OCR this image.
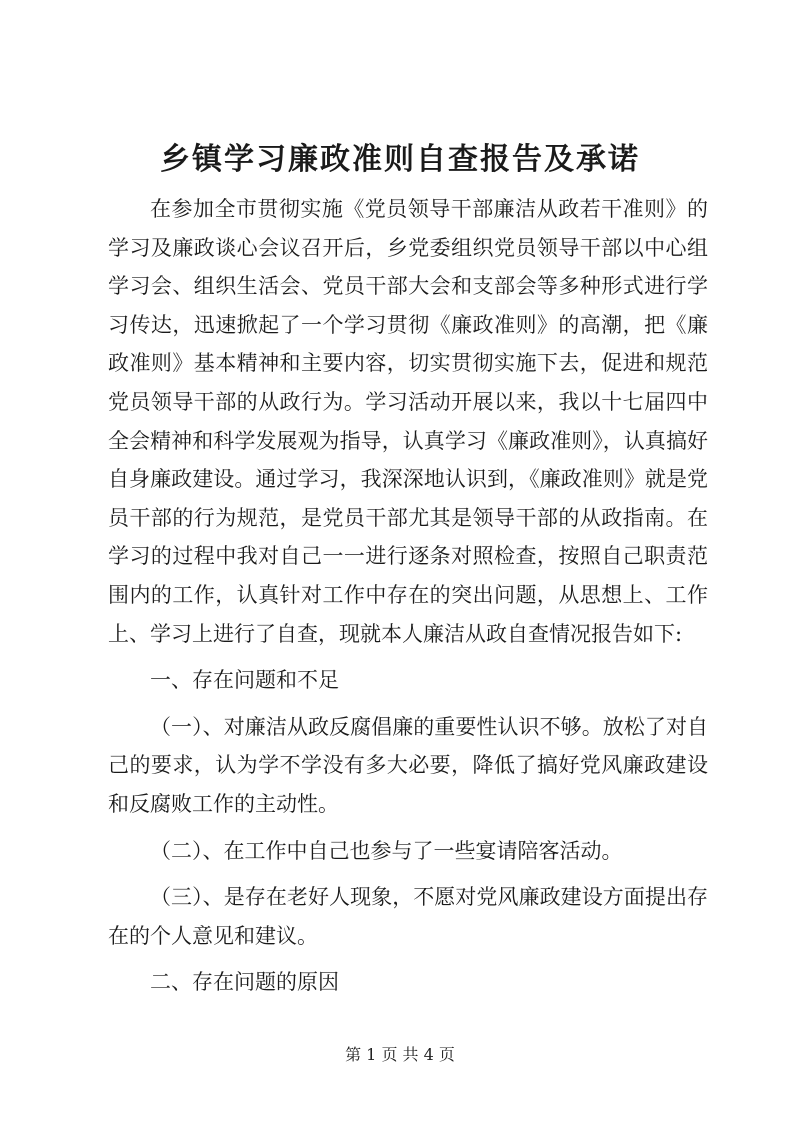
乡镇学习廉政准则自查报告及承诺

在参加全市贯彻实施《党员领导干部廉洁从政若干准则》的学习及廉政谈心会议召开后，乡党委组织党员领导干部以中心组学习会、组织生活会、党员干部大会和支部会等多种形式进行学习传达，迅速掀起了一个学习贯彻《廉政准则》的高潮，把《廉政准则》基本精神和主要内容，切实贯彻实施下去，促进和规范党员领导干部的从政行为。学习活动开展以来，我以十七届四中全会精神和科学发展观为指导，认真学习《廉政准则》，认真搞好自身廉政建设。通过学习，我深深地认识到，《廉政准则》就是党员干部的行为规范，是党员干部尤其是领导干部的从政指南。在学习的过程中我对自己一一进行逐条对照检查，按照自己职责范围内的工作，认真针对工作中存在的突出问题，从思想上、工作上、学习上进行了自查，现就本人廉洁从政自查情况报告如下:

一、存在问题和不足

（一）、对廉洁从政反腐倡廉的重要性认识不够。放松了对自己的要求，认为学不学没有多大必要，降低了搞好党风廉政建设和反腐败工作的主动性。

（二）、在工作中自己也参与了一些宴请陪客活动。

（三）、是存在老好人现象，不愿对党风廉政建设方面提出存在的个人意见和建议。

二、存在问题的原因

第 1 页 共 4 页
